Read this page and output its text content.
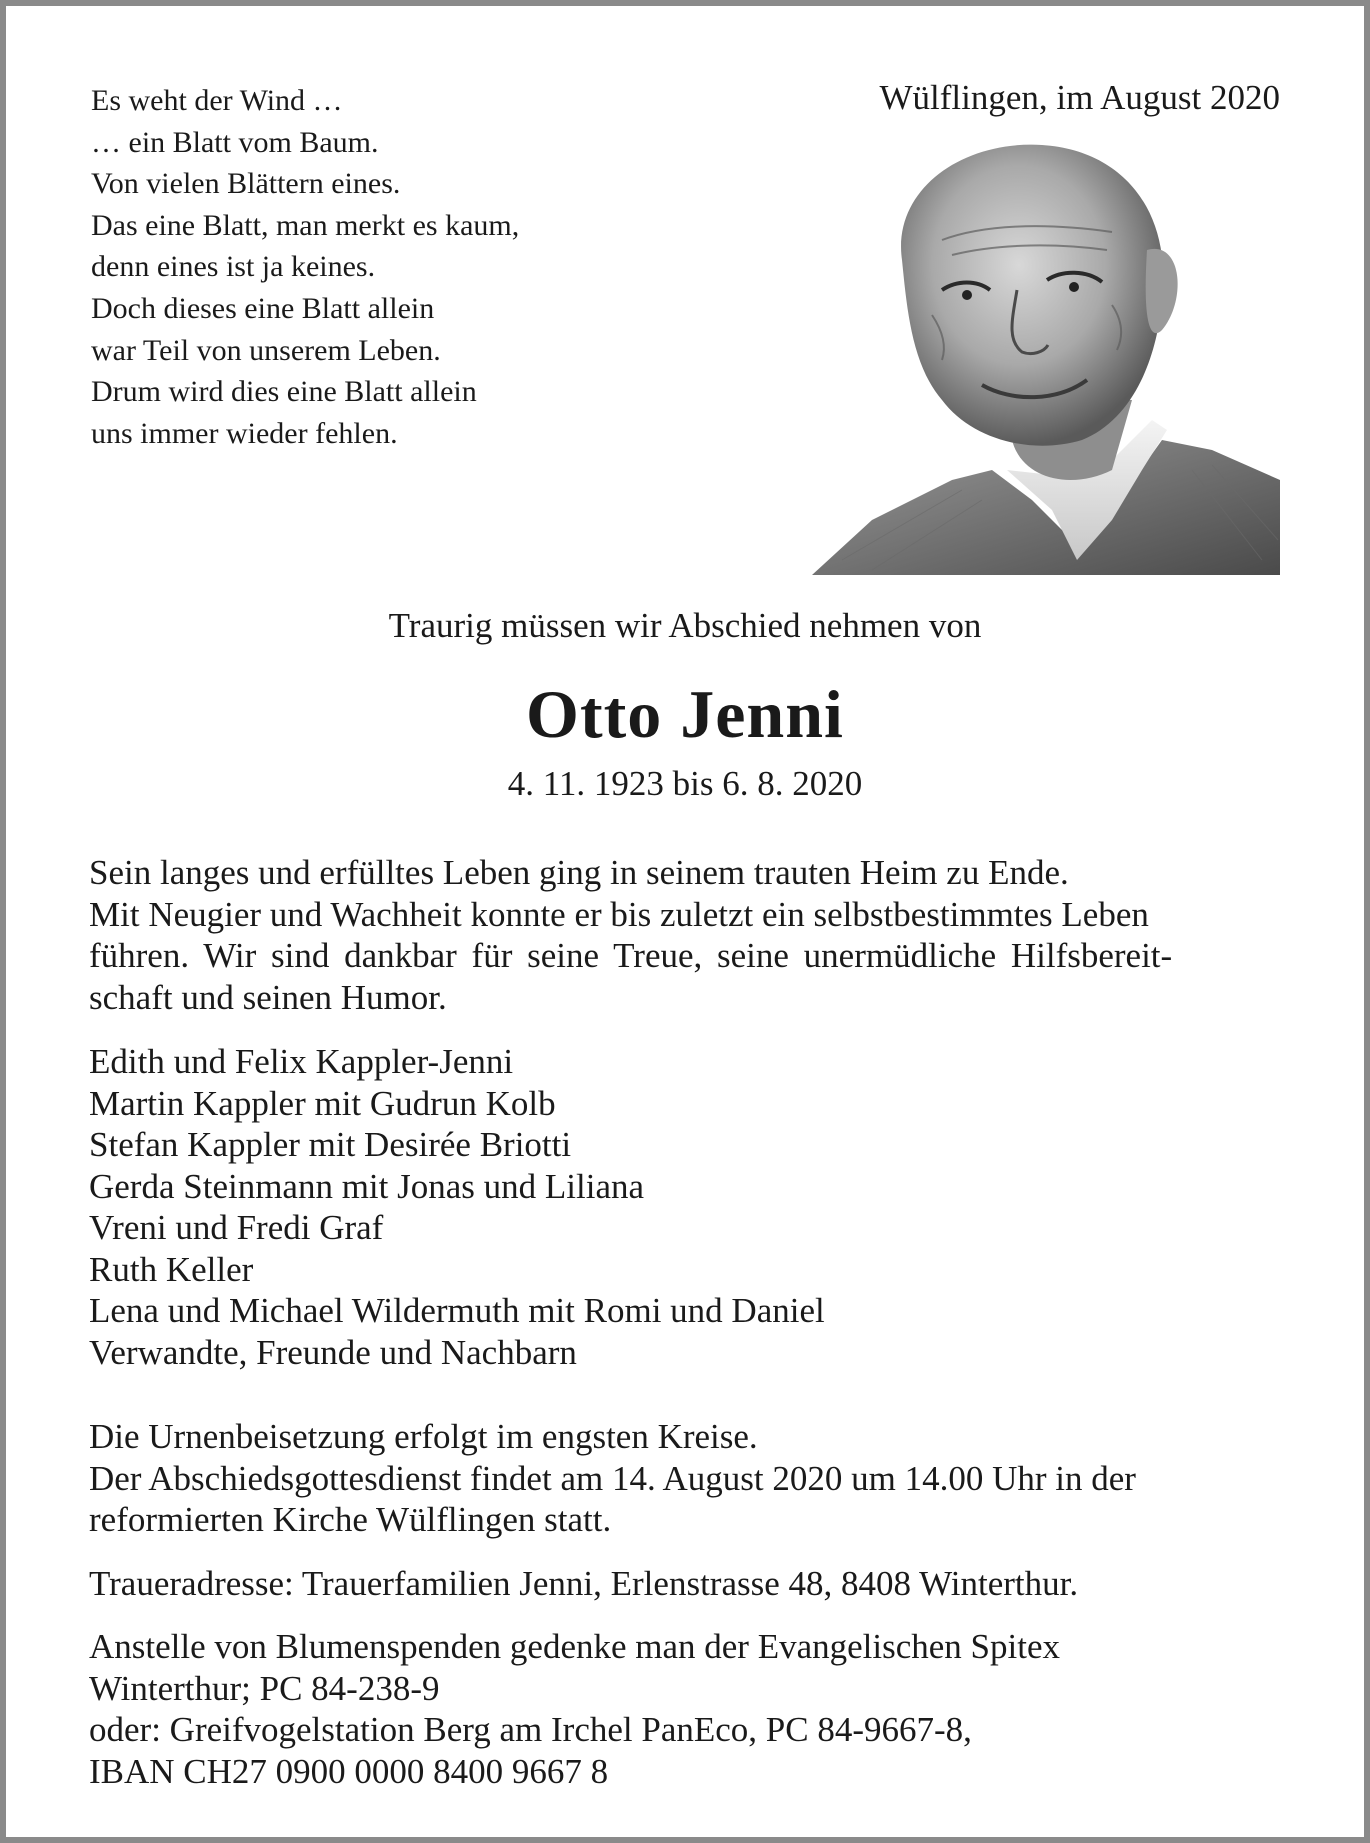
Es weht der Wind …
… ein Blatt vom Baum.
Von vielen Blättern eines.
Das eine Blatt, man merkt es kaum,
denn eines ist ja keines.
Doch dieses eine Blatt allein
war Teil von unserem Leben.
Drum wird dies eine Blatt allein
uns immer wieder fehlen.
Wülflingen, im August 2020
Traurig müssen wir Abschied nehmen von
Otto Jenni
4. 11. 1923 bis 6. 8. 2020
Sein langes und erfülltes Leben ging in seinem trauten Heim zu Ende.
Mit Neugier und Wachheit konnte er bis zuletzt ein selbstbestimmtes Leben
führen. Wir sind dankbar für seine Treue, seine unermüdliche Hilfsbereit-
schaft und seinen Humor.
Edith und Felix Kappler-Jenni
Martin Kappler mit Gudrun Kolb
Stefan Kappler mit Desirée Briotti
Gerda Steinmann mit Jonas und Liliana
Vreni und Fredi Graf
Ruth Keller
Lena und Michael Wildermuth mit Romi und Daniel
Verwandte, Freunde und Nachbarn
Die Urnenbeisetzung erfolgt im engsten Kreise.
Der Abschiedsgottesdienst findet am 14. August 2020 um 14.00 Uhr in der
reformierten Kirche Wülflingen statt.
Traueradresse: Trauerfamilien Jenni, Erlenstrasse 48, 8408 Winterthur.
Anstelle von Blumenspenden gedenke man der Evangelischen Spitex
Winterthur; PC 84-238-9
oder: Greifvogelstation Berg am Irchel PanEco, PC 84-9667-8,
IBAN CH27 0900 0000 8400 9667 8
